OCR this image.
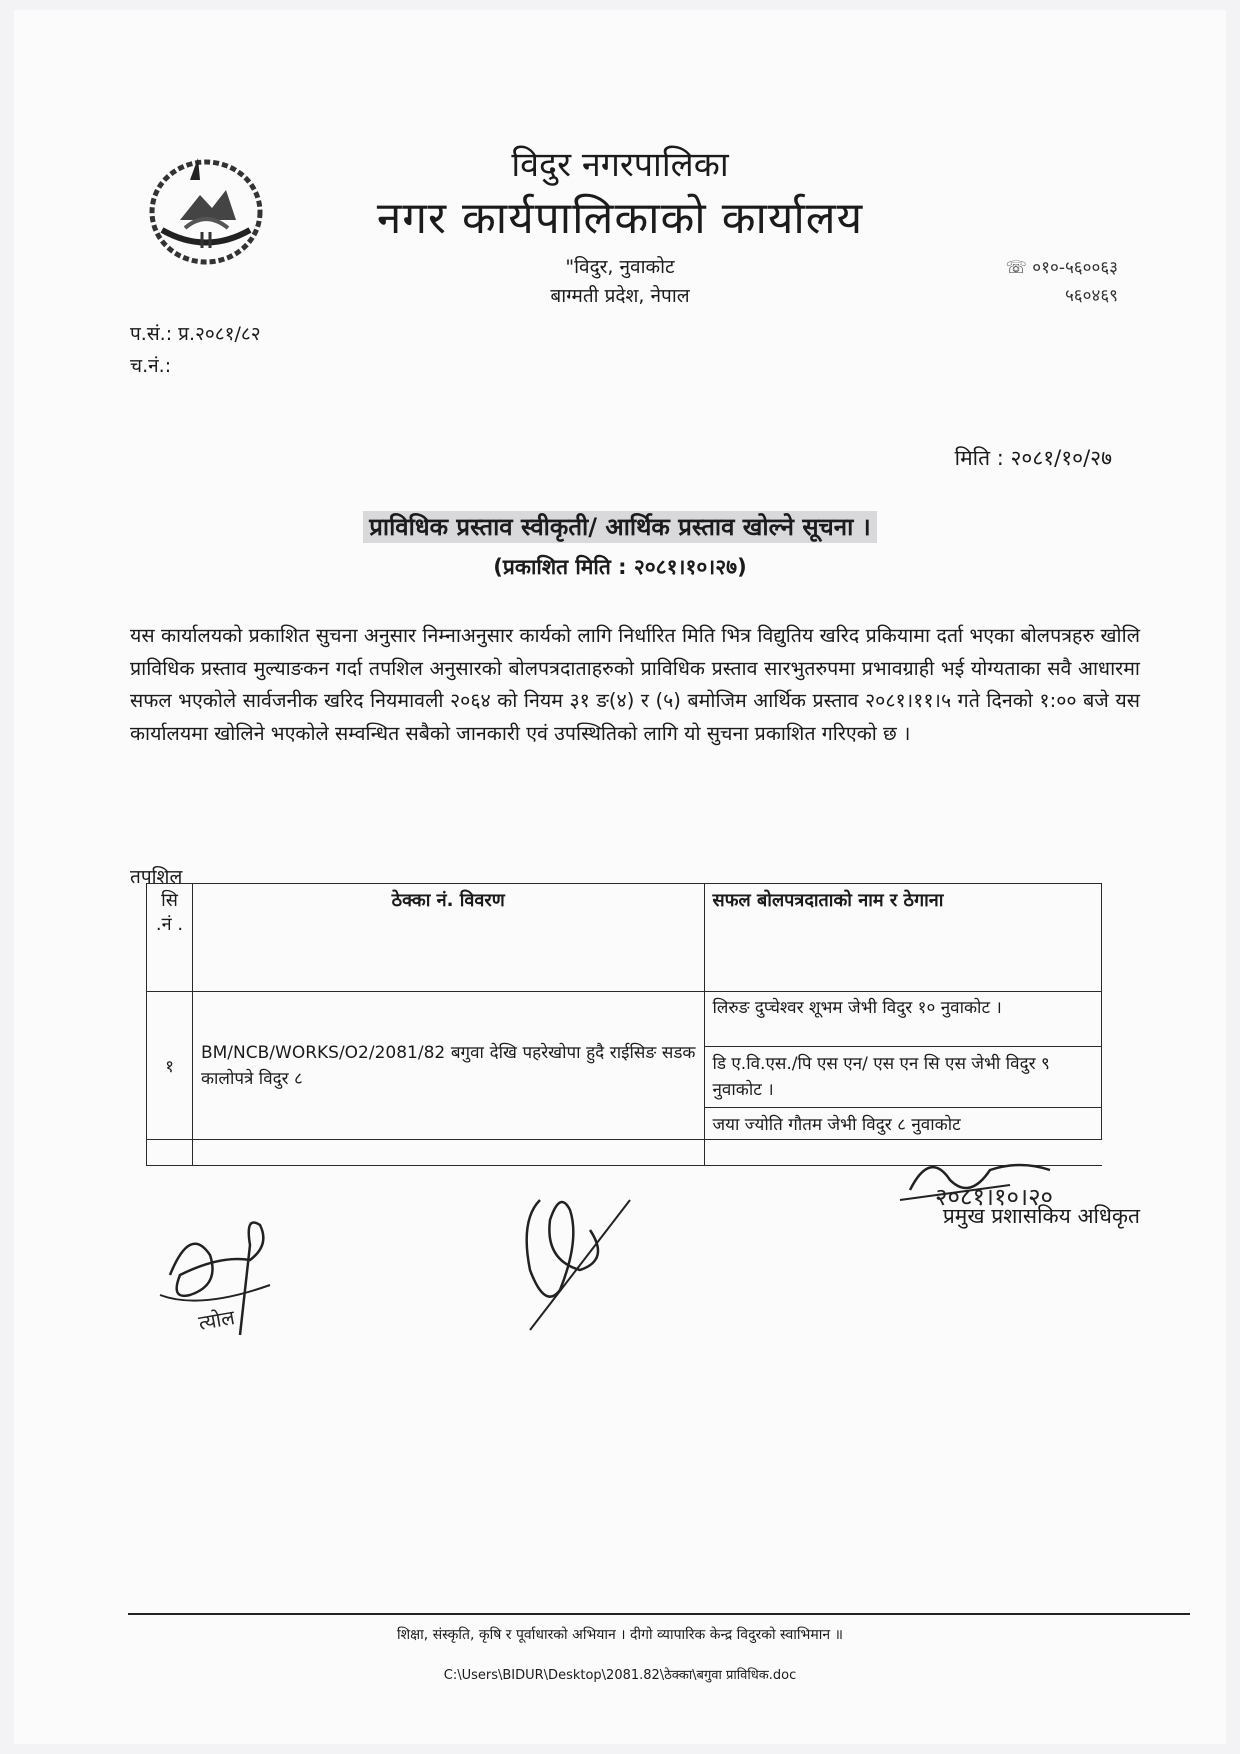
विदुर नगरपालिका
नगर कार्यपालिकाको कार्यालय
"विदुर, नुवाकोट
बाग्मती प्रदेश, नेपाल
☏ ०१०-५६००६३
५६०४६९
प.सं.: प्र.२०८१/८२
च.नं.:
मिति : २०८१/१०/२७
प्राविधिक प्रस्ताव स्वीकृती/ आर्थिक प्रस्ताव खोल्ने सूचना ।
(प्रकाशित मिति : २०८१।१०।२७)
यस कार्यालयको प्रकाशित सुचना अनुसार निम्नाअनुसार कार्यको लागि निर्धारित मिति भित्र विद्युतिय खरिद प्रकियामा दर्ता भएका बोलपत्रहरु खोलि प्राविधिक प्रस्ताव मुल्याङकन गर्दा तपशिल अनुसारको बोलपत्रदाताहरुको प्राविधिक प्रस्ताव सारभुतरुपमा प्रभावग्राही भई योग्यताका सवै आधारमा सफल भएकोले सार्वजनीक खरिद नियमावली २०६४ को नियम ३१ ङ(४) र (५) बमोजिम आर्थिक प्रस्ताव २०८१।११।५ गते दिनको १:०० बजे यस कार्यालयमा खोलिने भएकोले सम्वन्धित सबैको जानकारी एवं उपस्थितिको लागि यो सुचना प्रकाशित गरिएको छ ।
तपशिल
सि .नं .	ठेक्का नं. विवरण	सफल बोलपत्रदाताको नाम र ठेगाना
१	BM/NCB/WORKS/O2/2081/82 बगुवा देखि पहरेखोपा हुदै राईसिङ सडक कालोपत्रे विदुर ८	लिरुङ दुप्चेश्वर शूभम जेभी विदुर १० नुवाकोट ।
		डि ए.वि.एस./पि एस एन/ एस एन सि एस जेभी विदुर ९ नुवाकोट ।
		जया ज्योति गौतम जेभी विदुर ८ नुवाकोट

त्योल
२०८१।१०।२०
प्रमुख प्रशासकिय अधिकृत
शिक्षा, संस्कृति, कृषि र पूर्वाधारको अभियान । दीगो व्यापारिक केन्द्र विदुरको स्वाभिमान ॥
C:\Users\BIDUR\Desktop\2081.82\ठेक्का\बगुवा प्राविधिक.doc
